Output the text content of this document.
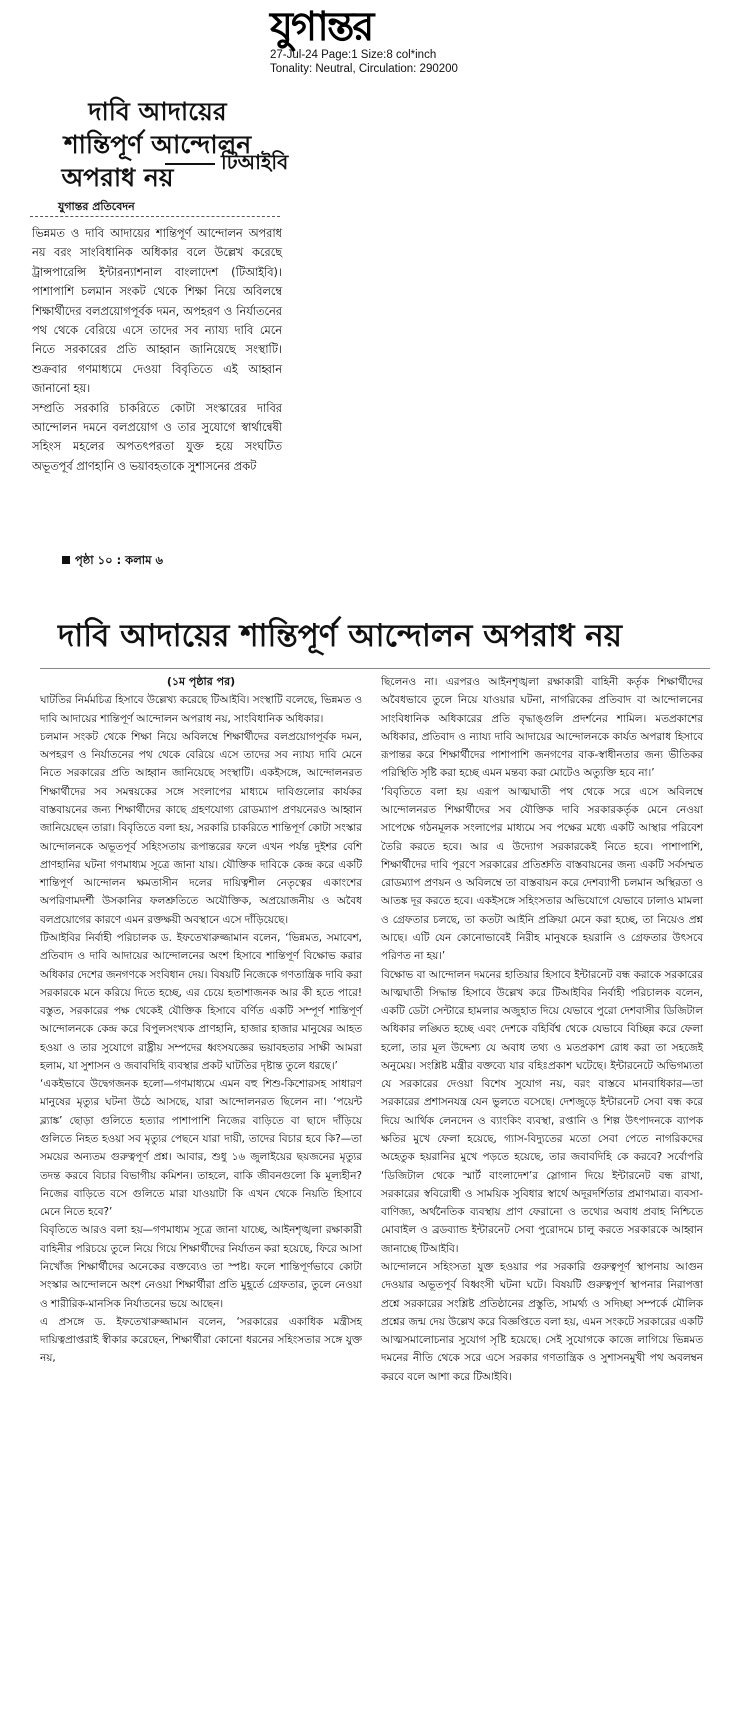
যুগান্তর
27-Jul-24 Page:1 Size:8 col*inch
Tonality: Neutral, Circulation: 290200
দাবি আদায়ের
শান্তিপূর্ণ আন্দোলন
অপরাধ নয়
টিআইবি
যুগান্তর প্রতিবেদন

ভিন্নমত ও দাবি আদায়ের শান্তিপূর্ণ আন্দোলন অপরাধ নয় বরং সাংবিধানিক অধিকার বলে উল্লেখ করেছে ট্রান্সপারেন্সি ইন্টারন্যাশনাল বাংলাদেশ (টিআইবি)। পাশাপাশি চলমান সংকট থেকে শিক্ষা নিয়ে অবিলম্বে শিক্ষার্থীদের বলপ্রয়োগপূর্বক দমন, অপহরণ ও নির্যাতনের পথ থেকে বেরিয়ে এসে তাদের সব ন্যায্য দাবি মেনে নিতে সরকারের প্রতি আহ্বান জানিয়েছে সংস্থাটি। শুক্রবার গণমাধ্যমে দেওয়া বিবৃতিতে এই আহ্বান জানানো হয়।

সম্প্রতি সরকারি চাকরিতে কোটা সংস্কারের দাবির আন্দোলন দমনে বলপ্রয়োগ ও তার সুযোগে স্বার্থান্বেষী সহিংস মহলের অপতৎপরতা যুক্ত হয়ে সংঘটিত অভূতপূর্ব প্রাণহানি ও ভয়াবহতাকে সুশাসনের প্রকট

পৃষ্ঠা ১০ : কলাম ৬
দাবি আদায়ের শান্তিপূর্ণ আন্দোলন অপরাধ নয়

(১ম পৃষ্ঠার পর)

ঘাটতির নির্মমচিত্র হিসাবে উল্লেখ্য করেছে টিআইবি। সংস্থাটি বলেছে, ভিন্নমত ও দাবি আদায়ের শান্তিপূর্ণ আন্দোলন অপরাধ নয়, সাংবিধানিক অধিকার।

চলমান সংকট থেকে শিক্ষা নিয়ে অবিলম্বে শিক্ষার্থীদের বলপ্রয়োগপূর্বক দমন, অপহরণ ও নির্যাতনের পথ থেকে বেরিয়ে এসে তাদের সব ন্যায্য দাবি মেনে নিতে সরকারের প্রতি আহ্বান জানিয়েছে সংস্থাটি। একইসঙ্গে, আন্দোলনরত শিক্ষার্থীদের সব সমন্বয়কের সঙ্গে সংলাপের মাধ্যমে দাবিগুলোর কার্যকর বাস্তবায়নের জন্য শিক্ষার্থীদের কাছে গ্রহণযোগ্য রোডম্যাপ প্রণয়নেরও আহ্বান জানিয়েছেন তারা। বিবৃতিতে বলা হয়, সরকারি চাকরিতে শান্তিপূর্ণ কোটা সংস্কার আন্দোলনকে অভূতপূর্ব সহিংসতায় রূপান্তরের ফলে এখন পর্যন্ত দুইশর বেশি প্রাণহানির ঘটনা গণমাধ্যম সূত্রে জানা যায়। যৌক্তিক দাবিকে কেন্দ্র করে একটি শান্তিপূর্ণ আন্দোলন ক্ষমতাসীন দলের দায়িত্বশীল নেতৃত্বের একাংশের অপরিণামদর্শী উসকানির ফলশ্রুতিতে অযৌক্তিক, অপ্রয়োজনীয় ও অবৈধ বলপ্রয়োগের কারণে এমন রক্তক্ষয়ী অবস্থানে এসে দাঁড়িয়েছে।

টিআইবির নির্বাহী পরিচালক ড. ইফতেখারুজ্জামান বলেন, ‘ভিন্নমত, সমাবেশ, প্রতিবাদ ও দাবি আদায়ের আন্দোলনের অংশ হিসাবে শান্তিপূর্ণ বিক্ষোভ করার অধিকার দেশের জনগণকে সংবিধান দেয়। বিষয়টি নিজেকে গণতান্ত্রিক দাবি করা সরকারকে মনে করিয়ে দিতে হচ্ছে, এর চেয়ে হতাশাজনক আর কী হতে পারে! বস্তুত, সরকারের পক্ষ থেকেই যৌক্তিক হিসাবে বর্ণিত একটি সম্পূর্ণ শান্তিপূর্ণ আন্দোলনকে কেন্দ্র করে বিপুলসংখ্যক প্রাণহানি, হাজার হাজার মানুষের আহত হওয়া ও তার সুযোগে রাষ্ট্রীয় সম্পদের ধ্বংসযজ্ঞের ভয়াবহতার সাক্ষী আমরা হলাম, যা সুশাসন ও জবাবদিহি ব্যবস্থার প্রকট ঘাটতির দৃষ্টান্ত তুলে ধরছে।’

‘একইভাবে উদ্বেগজনক হলো—গণমাধ্যমে এমন বহু শিশু-কিশোরসহ সাধারণ মানুষের মৃত্যুর ঘটনা উঠে আসছে, যারা আন্দোলনরত ছিলেন না। ‘পয়েন্ট ব্ল্যাঙ্ক’ ছোড়া গুলিতে হত্যার পাশাপাশি নিজের বাড়িতে বা ছাদে দাঁড়িয়ে গুলিতে নিহত হওয়া সব মৃত্যুর পেছনে যারা দায়ী, তাদের বিচার হবে কি?—তা সময়ের অন্যতম গুরুত্বপূর্ণ প্রশ্ন। আবার, শুধু ১৬ জুলাইয়ের ছয়জনের মৃত্যুর তদন্ত করবে বিচার বিভাগীয় কমিশন। তাহলে, বাকি জীবনগুলো কি মূল্যহীন? নিজের বাড়িতে বসে গুলিতে মারা যাওয়াটা কি এখন থেকে নিয়তি হিসাবে মেনে নিতে হবে?’

বিবৃতিতে আরও বলা হয়—গণমাধ্যম সূত্রে জানা যাচ্ছে, আইনশৃঙ্খলা রক্ষাকারী বাহিনীর পরিচয়ে তুলে নিয়ে গিয়ে শিক্ষার্থীদের নির্যাতন করা হয়েছে, ফিরে আসা নিখোঁজ শিক্ষার্থীদের অনেকের বক্তব্যেও তা স্পষ্ট। ফলে শান্তিপূর্ণভাবে কোটা সংস্কার আন্দোলনে অংশ নেওয়া শিক্ষার্থীরা প্রতি মুহূর্তে গ্রেফতার, তুলে নেওয়া ও শারীরিক-মানসিক নির্যাতনের ভয়ে আছেন।

এ প্রসঙ্গে ড. ইফতেখারুজ্জামান বলেন, ‘সরকারের একাধিক মন্ত্রীসহ দায়িত্বপ্রাপ্তরাই স্বীকার করেছেন, শিক্ষার্থীরা কোনো ধরনের সহিংসতার সঙ্গে যুক্ত নয়,

ছিলেনও না। এরপরও আইনশৃঙ্খলা রক্ষাকারী বাহিনী কর্তৃক শিক্ষার্থীদের অবৈধভাবে তুলে নিয়ে যাওয়ার ঘটনা, নাগরিকের প্রতিবাদ বা আন্দোলনের সাংবিধানিক অধিকারের প্রতি বৃদ্ধাঙ্গুলি প্রদর্শনের শামিল। মতপ্রকাশের অধিকার, প্রতিবাদ ও ন্যায্য দাবি আদায়ের আন্দোলনকে কার্যত অপরাধ হিসাবে রূপান্তর করে শিক্ষার্থীদের পাশাপাশি জনগণের বাক-স্বাধীনতার জন্য ভীতিকর পরিস্থিতি সৃষ্টি করা হচ্ছে এমন মন্তব্য করা মোটেও অত্যুক্তি হবে না।’

‘বিবৃতিতে বলা হয় এরূপ আত্মঘাতী পথ থেকে সরে এসে অবিলম্বে আন্দোলনরত শিক্ষার্থীদের সব যৌক্তিক দাবি সরকারকর্তৃক মেনে নেওয়া সাপেক্ষে গঠনমূলক সংলাপের মাধ্যমে সব পক্ষের মধ্যে একটি আস্থার পরিবেশ তৈরি করতে হবে। আর এ উদ্যোগ সরকারকেই নিতে হবে। পাশাপাশি, শিক্ষার্থীদের দাবি পূরণে সরকারের প্রতিশ্রুতি বাস্তবায়নের জন্য একটি সর্বসম্মত রোডম্যাপ প্রণয়ন ও অবিলম্বে তা বাস্তবায়ন করে দেশব্যাপী চলমান অস্থিরতা ও আতঙ্ক দূর করতে হবে। একইসঙ্গে সহিংসতার অভিযোগে যেভাবে ঢালাও মামলা ও গ্রেফতার চলছে, তা কতটা আইনি প্রক্রিয়া মেনে করা হচ্ছে, তা নিয়েও প্রশ্ন আছে। এটি যেন কোনোভাবেই নিরীহ মানুষকে হয়রানি ও গ্রেফতার উৎসবে পরিণত না হয়।’

বিক্ষোভ বা আন্দোলন দমনের হাতিয়ার হিসাবে ইন্টারনেট বন্ধ করাকে সরকারের আত্মঘাতী সিদ্ধান্ত হিসাবে উল্লেখ করে টিআইবির নির্বাহী পরিচালক বলেন, একটি ডেটা সেন্টারে হামলার অজুহাত দিয়ে যেভাবে পুরো দেশবাসীর ডিজিটাল অধিকার লঙ্ঘিত হচ্ছে এবং দেশকে বহির্বিশ্ব থেকে যেভাবে বিচ্ছিন্ন করে ফেলা হলো, তার মূল উদ্দেশ্য যে অবাধ তথ্য ও মতপ্রকাশ রোধ করা তা সহজেই অনুমেয়। সংশ্লিষ্ট মন্ত্রীর বক্তব্যে যার বহিঃপ্রকাশ ঘটেছে। ইন্টারনেটে অভিগম্যতা যে সরকারের দেওয়া বিশেষ সুযোগ নয়, বরং বাস্তবে মানবাধিকার—তা সরকারের প্রশাসনযন্ত্র যেন ভুলতে বসেছে। দেশজুড়ে ইন্টারনেট সেবা বন্ধ করে দিয়ে আর্থিক লেনদেন ও ব্যাংকিং ব্যবস্থা, রপ্তানি ও শিল্প উৎপাদনকে ব্যাপক ক্ষতির মুখে ফেলা হয়েছে, গ্যাস-বিদ্যুতের মতো সেবা পেতে নাগরিকদের অহেতুক হয়রানির মুখে পড়তে হয়েছে, তার জবাবদিহি কে করবে? সর্বোপরি ‘ডিজিটাল থেকে স্মার্ট বাংলাদেশ’র স্লোগান দিয়ে ইন্টারনেট বন্ধ রাখা, সরকারের স্ববিরোধী ও সাময়িক সুবিধার স্বার্থে অদূরদর্শিতার প্রমাণমাত্র। ব্যবসা-বাণিজ্য, অর্থনৈতিক ব্যবস্থায় প্রাণ ফেরানো ও তথ্যের অবাধ প্রবাহ নিশ্চিতে মোবাইল ও ব্রডব্যান্ড ইন্টারনেট সেবা পুরোদমে চালু করতে সরকারকে আহ্বান জানাচ্ছে টিআইবি।

আন্দোলনে সহিংসতা যুক্ত হওয়ার পর সরকারি গুরুত্বপূর্ণ স্থাপনায় আগুন দেওয়ার অভূতপূর্ব বিধ্বংসী ঘটনা ঘটে। বিষয়টি গুরুত্বপূর্ণ স্থাপনার নিরাপত্তা প্রশ্নে সরকারের সংশ্লিষ্ট প্রতিষ্ঠানের প্রস্তুতি, সামর্থ্য ও সদিচ্ছা সম্পর্কে মৌলিক প্রশ্নের জন্ম দেয় উল্লেখ করে বিজ্ঞপ্তিতে বলা হয়, এমন সংকটে সরকারের একটি আত্মসমালোচনার সুযোগ সৃষ্টি হয়েছে। সেই সুযোগকে কাজে লাগিয়ে ভিন্নমত দমনের নীতি থেকে সরে এসে সরকার গণতান্ত্রিক ও সুশাসনমুখী পথ অবলম্বন করবে বলে আশা করে টিআইবি।
